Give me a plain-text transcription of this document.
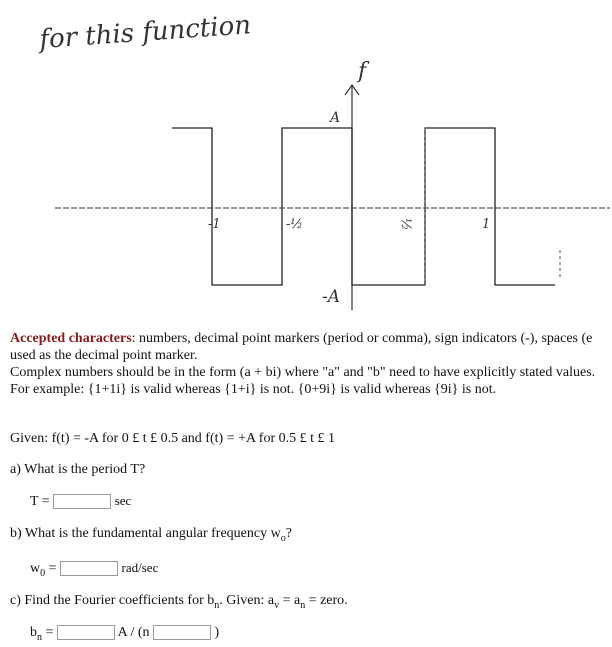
for this function
f
A
-A
-1	-½	½	1
Accepted characters: numbers, decimal point markers (period or comma), sign indicators (-), spaces (e
used as the decimal point marker.
Complex numbers should be in the form (a + bi) where "a" and "b" need to have explicitly stated values.
For example: {1+1i} is valid whereas {1+i} is not. {0+9i} is valid whereas {9i} is not.
Given: f(t) = -A for 0 £ t £ 0.5 and f(t) = +A for 0.5 £ t £ 1
a) What is the period T?
T =	sec
b) What is the fundamental angular frequency $w_o$?
$w_0$ =	rad/sec
c) Find the Fourier coefficients for $b_n$. Given: $a_v = a_n$ = zero.
$b_n$ =	A / (n	)
